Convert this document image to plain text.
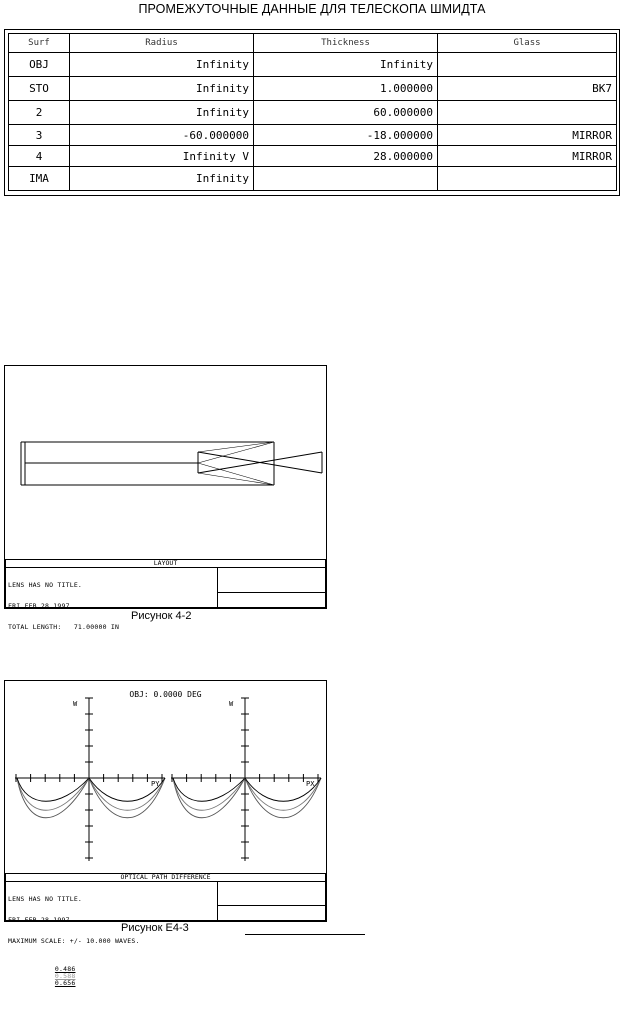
ПРОМЕЖУТОЧНЫЕ ДАННЫЕ ДЛЯ ТЕЛЕСКОПА ШМИДТА
Surf	Radius	Thickness	Glass
OBJ	Infinity	Infinity	
STO	Infinity	1.000000	BK7
2	Infinity	60.000000	
3	-60.000000	-18.000000	MIRROR
4	Infinity V	28.000000	MIRROR
IMA	Infinity		
LAYOUT

LENS HAS NO TITLE.

FRI FEB 28 1997

TOTAL LENGTH:   71.00000 IN

Рисунок 4-2
OBJ: 0.0000 DEG
W	W
PY	PX
OPTICAL PATH DIFFERENCE

LENS HAS NO TITLE.

FRI FEB 28 1997

MAXIMUM SCALE: +/- 10.000 WAVES.

0.486
0.588
0.656

Рисунок E4-3
